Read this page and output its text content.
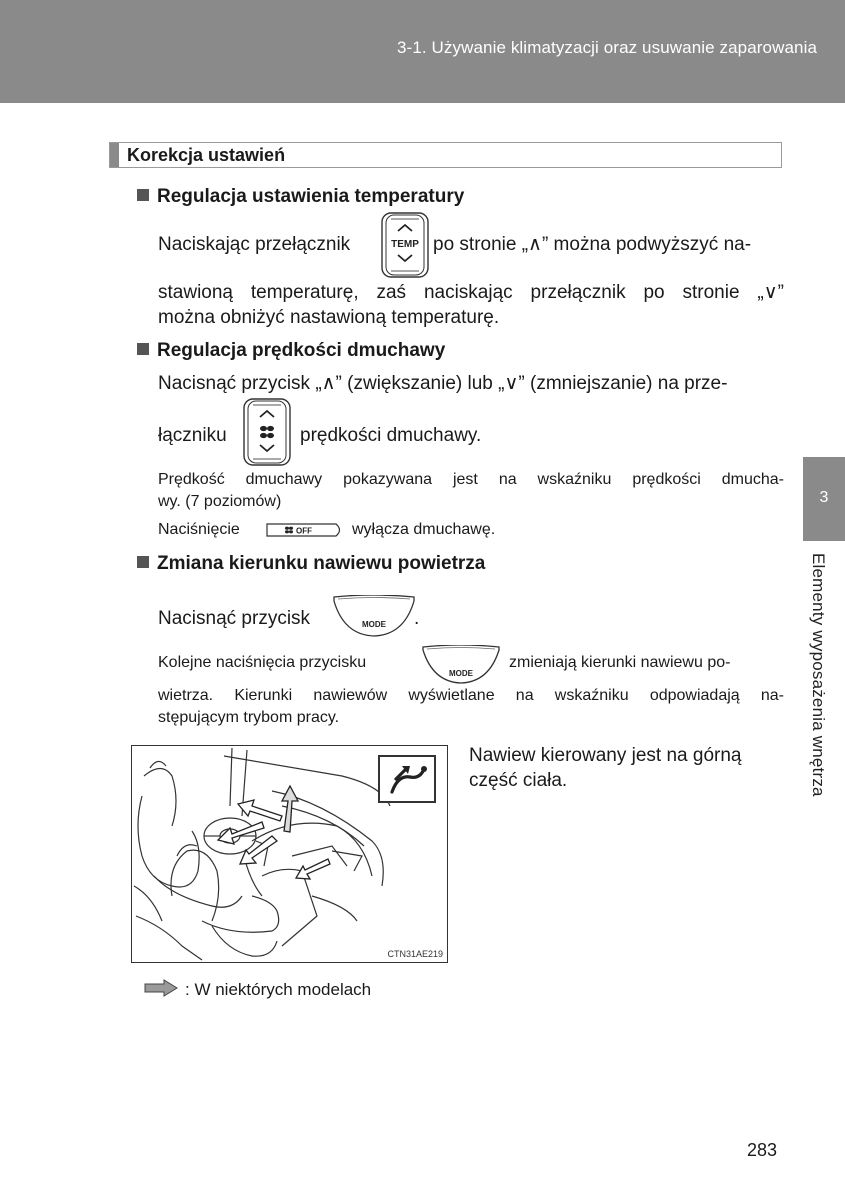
3-1. Używanie klimatyzacji oraz usuwanie zaparowania
Korekcja ustawień
Regulacja ustawienia temperatury
Naciskając przełącznik	TEMP po stronie „∧” można podwyższyć na-
stawioną temperaturę, zaś naciskając przełącznik po stronie „∨”
można obniżyć nastawioną temperaturę.
Regulacja prędkości dmuchawy
Nacisnąć przycisk „∧” (zwiększanie) lub „∨” (zmniejszanie) na prze-
łączniku	prędkości dmuchawy.
Prędkość dmuchawy pokazywana jest na wskaźniku prędkości dmucha-
wy. (7 poziomów)
Naciśnięcie	OFF	wyłącza dmuchawę.
Zmiana kierunku nawiewu powietrza
Nacisnąć przycisk	MODE .
Kolejne naciśnięcia przycisku
MODE
zmieniają kierunki nawiewu po-
wietrza. Kierunki nawiewów wyświetlane na wskaźniku odpowiadają na-
stępującym trybom pracy.
CTN31AE219
Nawiew kierowany jest na górną
część ciała.
: W niektórych modelach
3
Elementy wyposażenia wnętrza
283
